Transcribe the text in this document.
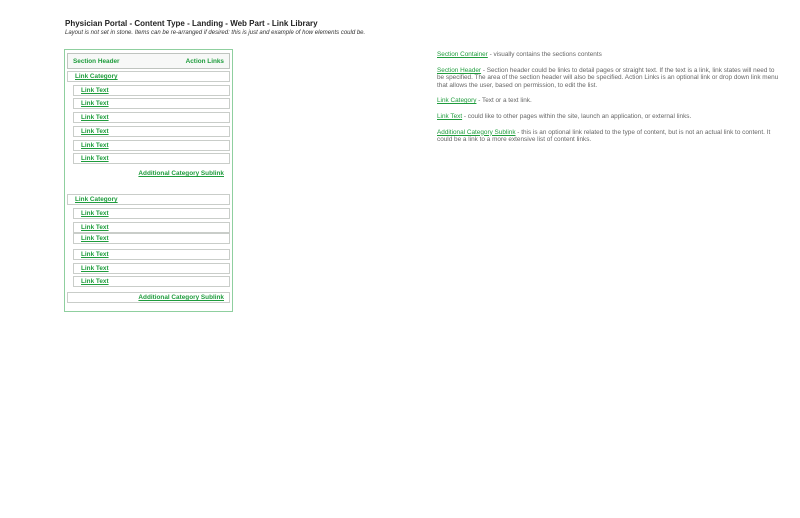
Physician Portal - Content Type - Landing - Web Part - Link Library
Layout is not set in stone. Items can be re-arranged if desired: this is just and example of how elements could be.
Section Header	Action Links
Link Category
Link Text
Link Text
Link Text
Link Text
Link Text
Link Text
Additional Category Sublink
Link Category
Link Text
Link Text
Link Text
Link Text
Link Text
Link Text
Additional Category Sublink
Section Container - visually contains the sections contents
Section Header - Section header could be links to detail pages or straight text. If the text is a link, link states will need to be specified. The area of the section header will also be specified. Action Links is an optional link or drop down link menu that allows the user, based on permission, to edit the list.
Link Category - Text or a text link.
Link Text - could like to other pages within the site, launch an application, or external links.
Additional Category Sublink - this is an optional link related to the type of content, but is not an actual link to content. It could be a link to a more extensive list of content links.
